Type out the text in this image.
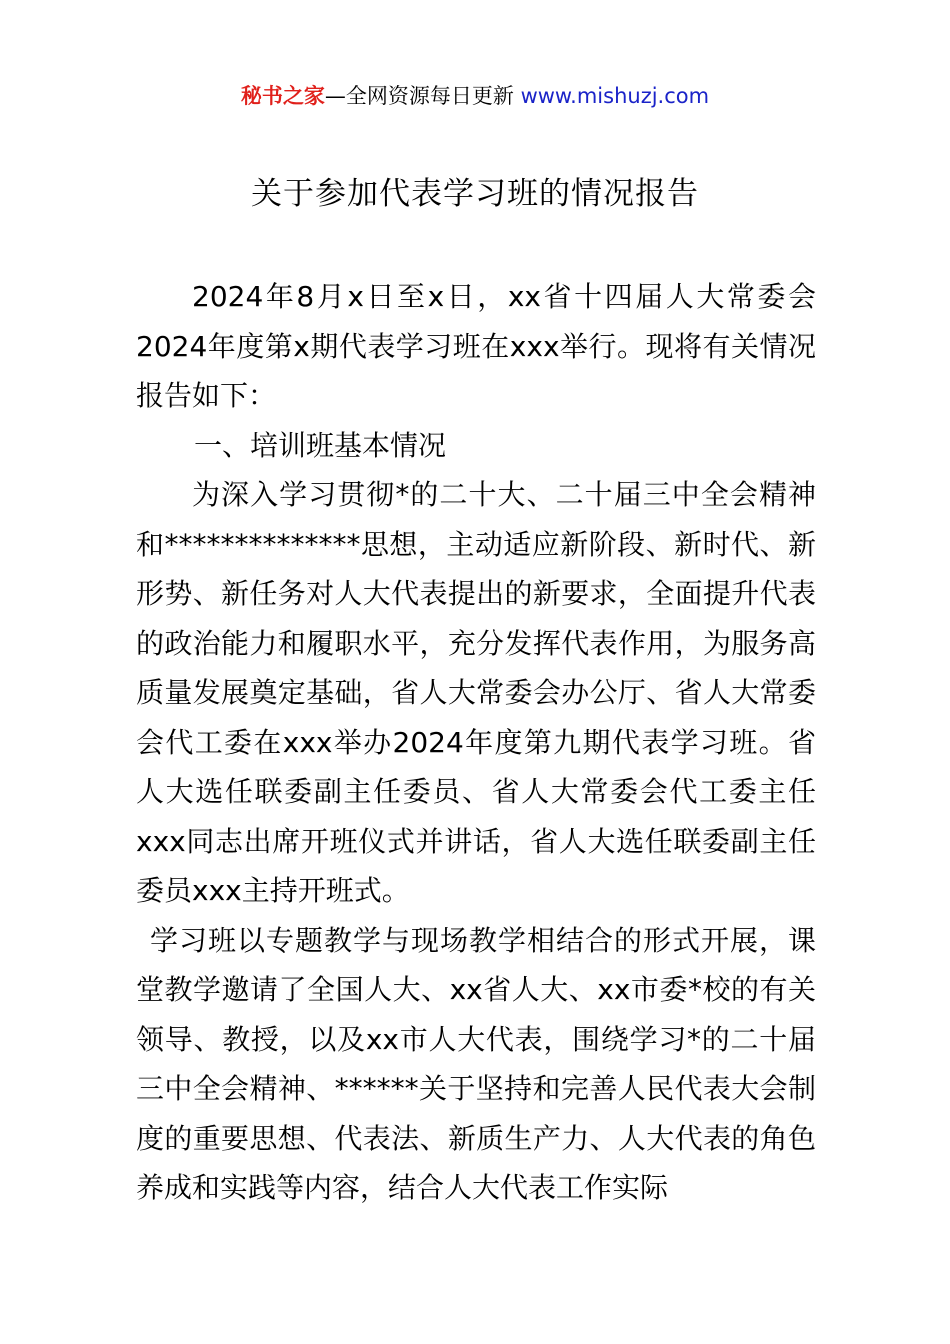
秘书之家—全网资源每日更新 www.mishuzj.com
关于参加代表学习班的情况报告

2024年8月x日至x日，xx省十四届人大常委会2024年度第x期代表学习班在xxx举行。现将有关情况报告如下：

一、培训班基本情况

为深入学习贯彻*的二十大、二十届三中全会精神和**************思想，主动适应新阶段、新时代、新形势、新任务对人大代表提出的新要求，全面提升代表的政治能力和履职水平，充分发挥代表作用，为服务高质量发展奠定基础，省人大常委会办公厅、省人大常委会代工委在xxx举办2024年度第九期代表学习班。省人大选任联委副主任委员、省人大常委会代工委主任xxx同志出席开班仪式并讲话，省人大选任联委副主任委员xxx主持开班式。

学习班以专题教学与现场教学相结合的形式开展，课堂教学邀请了全国人大、xx省人大、xx市委*校的有关领导、教授，以及xx市人大代表，围绕学习*的二十届三中全会精神、******关于坚持和完善人民代表大会制度的重要思想、代表法、新质生产力、人大代表的角色养成和实践等内容，结合人大代表工作实际
